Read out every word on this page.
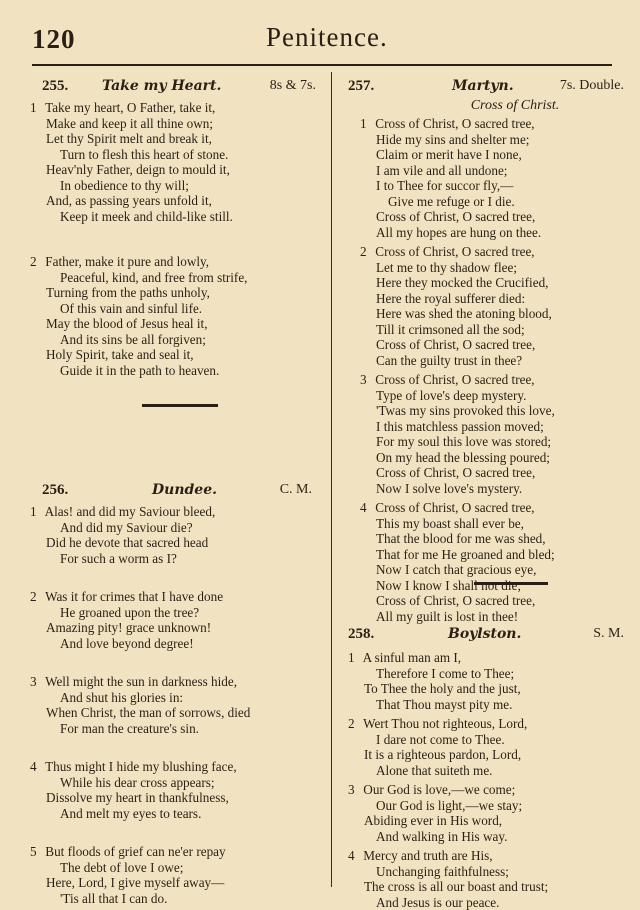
120	Penitence.
255. Take my Heart.	8s & 7s.
1 Take my heart, O Father, take it,
Make and keep it all thine own;
Let thy Spirit melt and break it,
Turn to flesh this heart of stone.
Heav'nly Father, deign to mould it,
In obedience to thy will;
And, as passing years unfold it,
Keep it meek and child-like still.
2 Father, make it pure and lowly,
Peaceful, kind, and free from strife,
Turning from the paths unholy,
Of this vain and sinful life.
May the blood of Jesus heal it,
And its sins be all forgiven;
Holy Spirit, take and seal it,
Guide it in the path to heaven.
256.	Dundee.	C. M.
1 Alas! and did my Saviour bleed,
And did my Saviour die?
Did he devote that sacred head
For such a worm as I?
2 Was it for crimes that I have done
He groaned upon the tree?
Amazing pity! grace unknown!
And love beyond degree!
3 Well might the sun in darkness hide,
And shut his glories in:
When Christ, the man of sorrows, died
For man the creature's sin.
4 Thus might I hide my blushing face,
While his dear cross appears;
Dissolve my heart in thankfulness,
And melt my eyes to tears.
5 But floods of grief can ne'er repay
The debt of love I owe;
Here, Lord, I give myself away—
'Tis all that I can do.
257.	Martyn.	7s. Double.
Cross of Christ.
1 Cross of Christ, O sacred tree,
Hide my sins and shelter me;
Claim or merit have I none,
I am vile and all undone;
I to Thee for succor fly,—
Give me refuge or I die.
Cross of Christ, O sacred tree,
All my hopes are hung on thee.
2 Cross of Christ, O sacred tree,
Let me to thy shadow flee;
Here they mocked the Crucified,
Here the royal sufferer died:
Here was shed the atoning blood,
Till it crimsoned all the sod;
Cross of Christ, O sacred tree,
Can the guilty trust in thee?
3 Cross of Christ, O sacred tree,
Type of love's deep mystery.
'Twas my sins provoked this love,
I this matchless passion moved;
For my soul this love was stored;
On my head the blessing poured;
Cross of Christ, O sacred tree,
Now I solve love's mystery.
4 Cross of Christ, O sacred tree,
This my boast shall ever be,
That the blood for me was shed,
That for me He groaned and bled;
Now I catch that gracious eye,
Now I know I shall not die;
Cross of Christ, O sacred tree,
All my guilt is lost in thee!
258.	Boylston.	S. M.
1 A sinful man am I,
Therefore I come to Thee;
To Thee the holy and the just,
That Thou mayst pity me.
2 Wert Thou not righteous, Lord,
I dare not come to Thee.
It is a righteous pardon, Lord,
Alone that suiteth me.
3 Our God is love,—we come;
Our God is light,—we stay;
Abiding ever in His word,
And walking in His way.
4 Mercy and truth are His,
Unchanging faithfulness;
The cross is all our boast and trust;
And Jesus is our peace.
